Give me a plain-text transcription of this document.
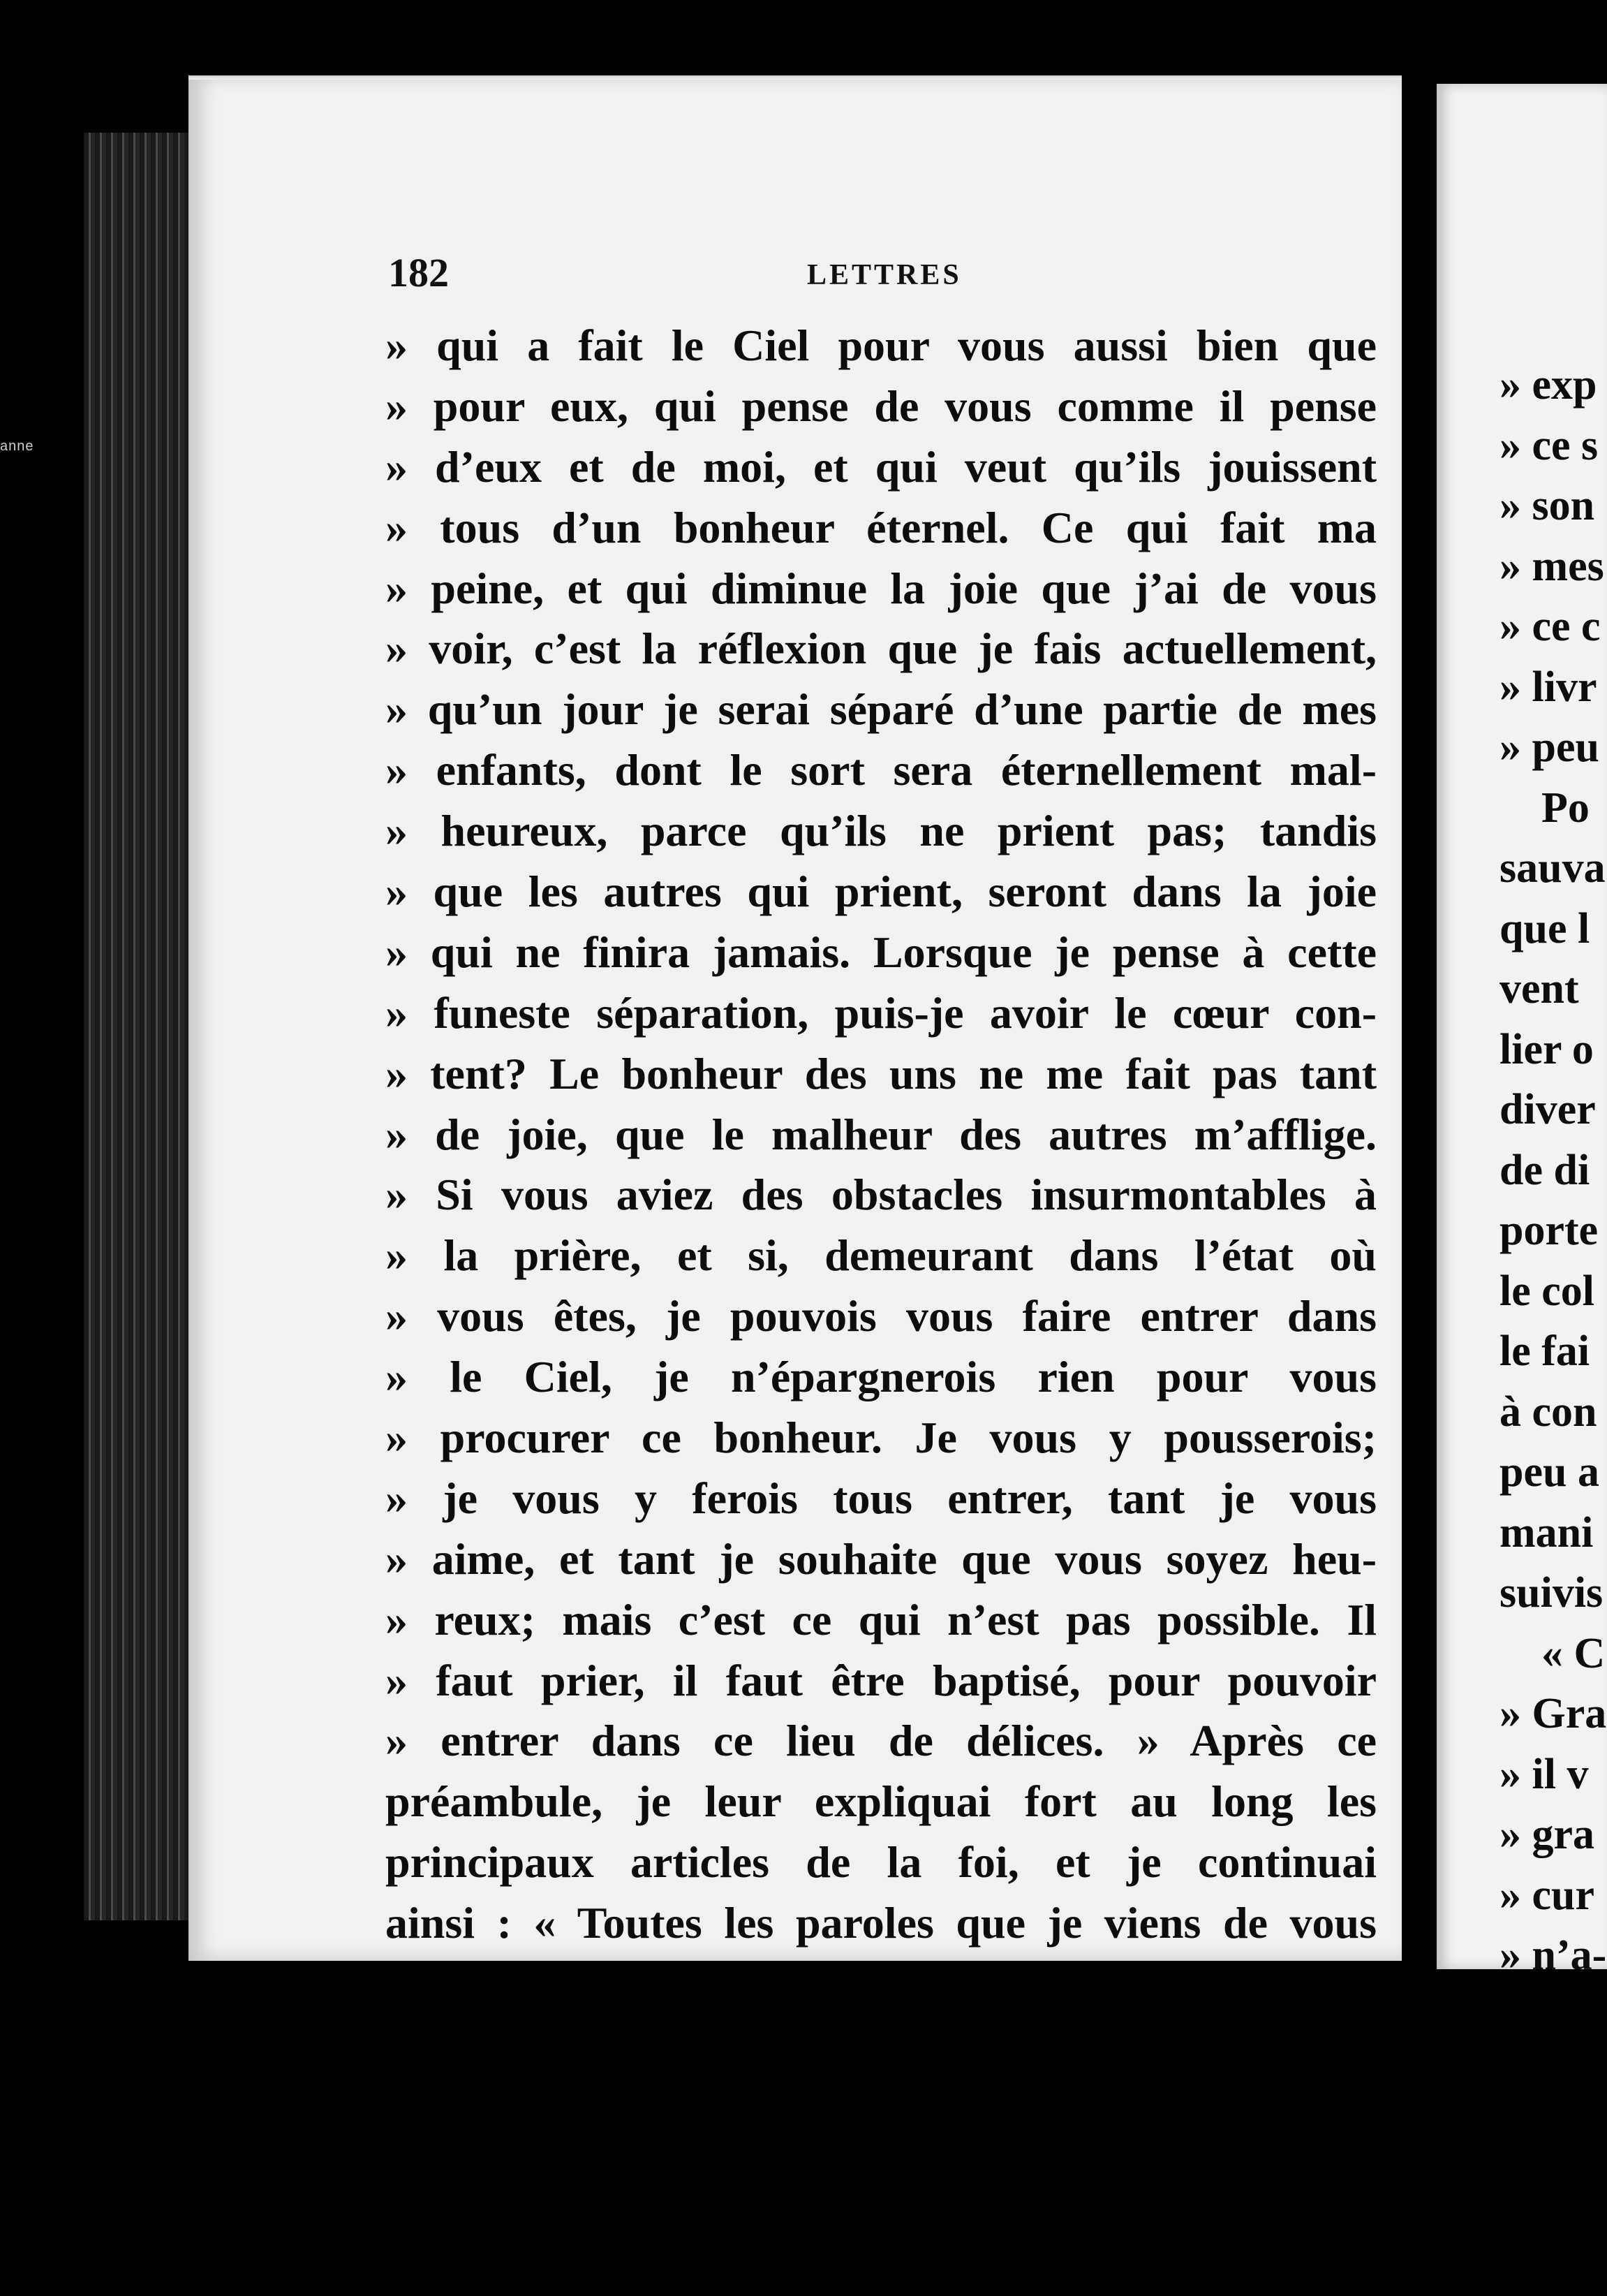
anne
» exp
» ce s
» son
» mes
» ce c
» livr
» peu
Po
sauva
que l
vent
lier o
diver
de di
porte
le col
le fai
à con
peu a
mani
suivis
« C
» Gra
» il v
» gra
» cur
» n’a-
182	LETTRES
» qui a fait le Ciel pour vous aussi bien que
» pour eux, qui pense de vous comme il pense
» d’eux et de moi, et qui veut qu’ils jouissent
» tous d’un bonheur éternel. Ce qui fait ma
» peine, et qui diminue la joie que j’ai de vous
» voir, c’est la réflexion que je fais actuellement,
» qu’un jour je serai séparé d’une partie de mes
» enfants, dont le sort sera éternellement mal-
» heureux, parce qu’ils ne prient pas; tandis
» que les autres qui prient, seront dans la joie
» qui ne finira jamais. Lorsque je pense à cette
» funeste séparation, puis-je avoir le cœur con-
» tent? Le bonheur des uns ne me fait pas tant
» de joie, que le malheur des autres m’afflige.
» Si vous aviez des obstacles insurmontables à
» la prière, et si, demeurant dans l’état où
» vous êtes, je pouvois vous faire entrer dans
» le Ciel, je n’épargnerois rien pour vous
» procurer ce bonheur. Je vous y pousserois;
» je vous y ferois tous entrer, tant je vous
» aime, et tant je souhaite que vous soyez heu-
» reux; mais c’est ce qui n’est pas possible. Il
» faut prier, il faut être baptisé, pour pouvoir
» entrer dans ce lieu de délices. » Après ce
préambule, je leur expliquai fort au long les
principaux articles de la foi, et je continuai
ainsi : « Toutes les paroles que je viens de vous
